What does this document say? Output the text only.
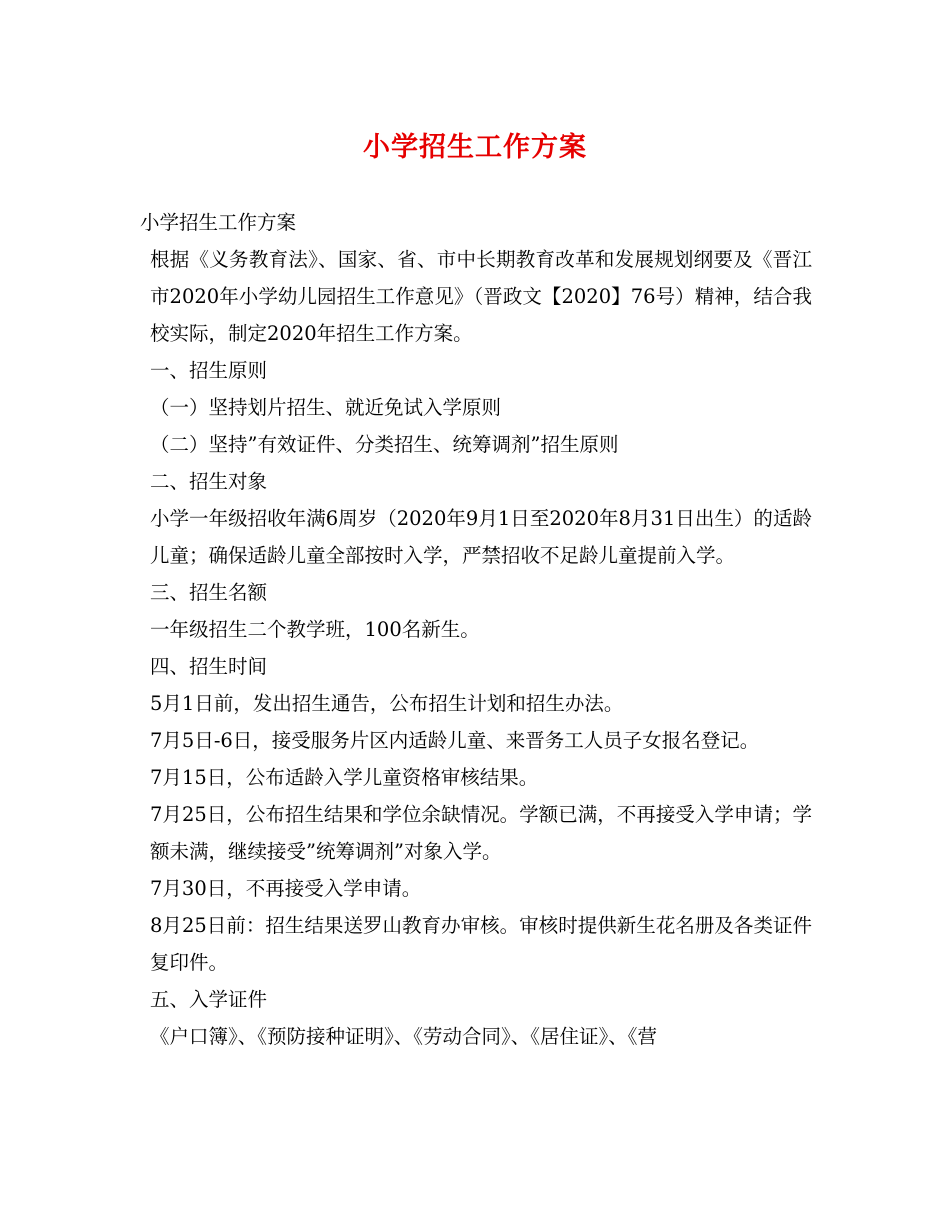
小学招生工作方案

小学招生工作方案

根据《义务教育法》、国家、省、市中长期教育改革和发展规划纲要及《晋江市2020年小学幼儿园招生工作意见》（晋政文【2020】76号）精神，结合我校实际，制定2020年招生工作方案。

一、招生原则

（一）坚持划片招生、就近免试入学原则

（二）坚持”有效证件、分类招生、统筹调剂”招生原则

二、招生对象

小学一年级招收年满6周岁（2020年9月1日至2020年8月31日出生）的适龄儿童；确保适龄儿童全部按时入学，严禁招收不足龄儿童提前入学。

三、招生名额

一年级招生二个教学班，100名新生。

四、招生时间

5月1日前，发出招生通告，公布招生计划和招生办法。

7月5日-6日，接受服务片区内适龄儿童、来晋务工人员子女报名登记。

7月15日，公布适龄入学儿童资格审核结果。

7月25日，公布招生结果和学位余缺情况。学额已满，不再接受入学申请；学额未满，继续接受”统筹调剂”对象入学。

7月30日，不再接受入学申请。

8月25日前：招生结果送罗山教育办审核。审核时提供新生花名册及各类证件复印件。

五、入学证件

《户口簿》、《预防接种证明》、《劳动合同》、《居住证》、《营
